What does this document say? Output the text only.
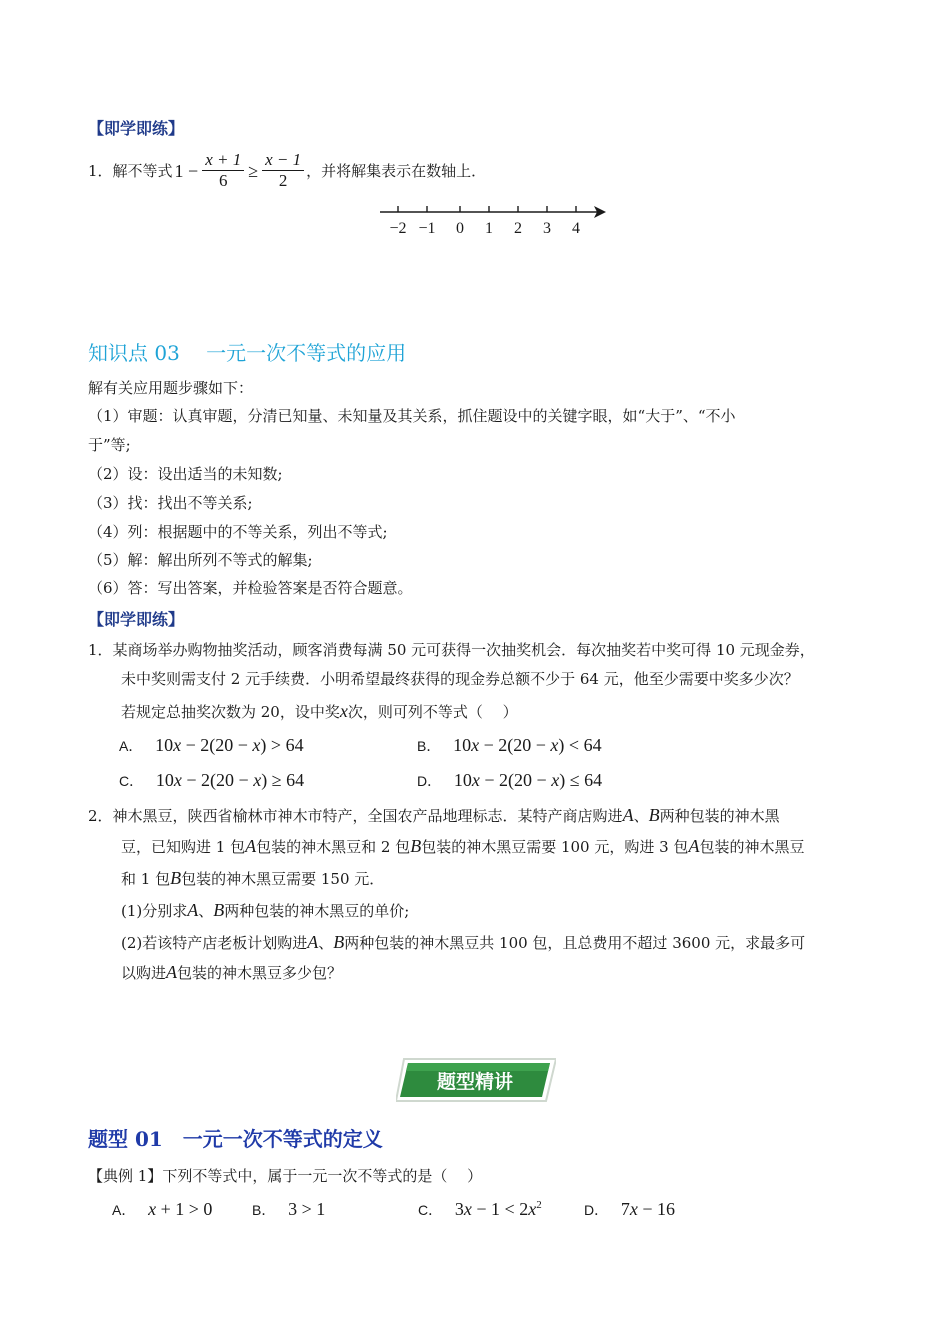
【即学即练】
1．解不等式 $1 - \frac{x + 1}{6} \ge \frac{x - 1}{2}$ ，并将解集表示在数轴上．
−2 −1 0 1 2 3 4
知识点 03　 一元一次不等式的应用
解有关应用题步骤如下：
（1）审题：认真审题，分清已知量、未知量及其关系，抓住题设中的关键字眼，如“大于”、“不小
于”等;
（2）设：设出适当的未知数;
（3）找：找出不等关系;
（4）列：根据题中的不等关系，列出不等式;
（5）解：解出所列不等式的解集;
（6）答：写出答案，并检验答案是否符合题意。
【即学即练】
1．某商场举办购物抽奖活动，顾客消费每满 50 元可获得一次抽奖机会．每次抽奖若中奖可得 10 元现金券，
未中奖则需支付 2 元手续费．小明希望最终获得的现金券总额不少于 64 元，他至少需要中奖多少次？
若规定总抽奖次数为 20，设中奖x次，则可列不等式（　 ）
A． 10x − 2(20 − x) > 64	B． 10x − 2(20 − x) < 64
C． 10x − 2(20 − x) ≥ 64	D． 10x − 2(20 − x) ≤ 64
2．神木黑豆，陕西省榆林市神木市特产，全国农产品地理标志．某特产商店购进A、B两种包装的神木黑
豆，已知购进 1 包A包装的神木黑豆和 2 包B包装的神木黑豆需要 100 元，购进 3 包A包装的神木黑豆
和 1 包B包装的神木黑豆需要 150 元．
(1)分别求A、B两种包装的神木黑豆的单价;
(2)若该特产店老板计划购进A、B两种包装的神木黑豆共 100 包，且总费用不超过 3600 元，求最多可
以购进A包装的神木黑豆多少包？
题型精讲
题型 01　一元一次不等式的定义
【典例 1】下列不等式中，属于一元一次不等式的是（　 ）
A． x + 1 > 0	B． 3 > 1	C． $3x - 1 < 2x^2$	D． 7x − 16
